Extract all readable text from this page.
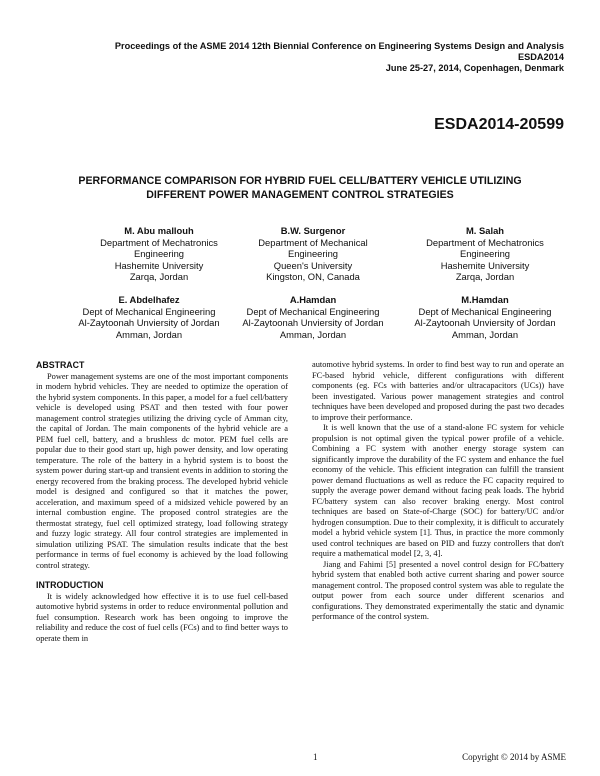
Proceedings of the ASME 2014 12th Biennial Conference on Engineering Systems Design and Analysis
ESDA2014
June 25-27, 2014, Copenhagen, Denmark
ESDA2014-20599
PERFORMANCE COMPARISON FOR HYBRID FUEL CELL/BATTERY VEHICLE UTILIZING
DIFFERENT POWER MANAGEMENT CONTROL STRATEGIES
M. Abu mallouh
Department of Mechatronics
Engineering
Hashemite University
Zarqa, Jordan
B.W. Surgenor
Department of Mechanical
Engineering
Queen's University
Kingston, ON, Canada
M. Salah
Department of Mechatronics
Engineering
Hashemite University
Zarqa, Jordan
E. Abdelhafez
Dept of Mechanical Engineering
Al-Zaytoonah Unviersity of Jordan
Amman, Jordan
A.Hamdan
Dept of Mechanical Engineering
Al-Zaytoonah Unviersity of Jordan
Amman, Jordan
M.Hamdan
Dept of Mechanical Engineering
Al-Zaytoonah Unviersity of Jordan
Amman, Jordan
ABSTRACT

Power management systems are one of the most important components in modern hybrid vehicles. They are needed to optimize the operation of the hybrid system components. In this paper, a model for a fuel cell/battery vehicle is developed using PSAT and then tested with four power management control strategies utilizing the driving cycle of Amman city, the capital of Jordan. The main components of the hybrid vehicle are a PEM fuel cell, battery, and a brushless dc motor. PEM fuel cells are popular due to their good start up, high power density, and low operating temperature. The role of the battery in a hybrid system is to boost the system power during start-up and transient events in addition to storing the energy recovered from the braking process. The developed hybrid vehicle model is designed and configured so that it matches the power, acceleration, and maximum speed of a midsized vehicle powered by an internal combustion engine. The proposed control strategies are the thermostat strategy, fuel cell optimized strategy, load following strategy and fuzzy logic strategy. All four control strategies are implemented in simulation utilizing PSAT. The simulation results indicate that the best performance in terms of fuel economy is achieved by the load following control strategy.

INTRODUCTION

It is widely acknowledged how effective it is to use fuel cell-based automotive hybrid systems in order to reduce environmental pollution and fuel consumption. Research work has been ongoing to improve the reliability and reduce the cost of fuel cells (FCs) and to find better ways to operate them in

automotive hybrid systems. In order to find best way to run and operate an FC-based hybrid vehicle, different configurations with different components (eg. FCs with batteries and/or ultracapacitors (UCs)) have been investigated. Various power management strategies and control techniques have been developed and proposed during the past two decades to improve their performance.

It is well known that the use of a stand-alone FC system for vehicle propulsion is not optimal given the typical power profile of a vehicle. Combining a FC system with another energy storage system can significantly improve the durability of the FC system and enhance the fuel economy of the vehicle. This efficient integration can fulfill the transient power demand fluctuations as well as reduce the FC capacity required to supply the average power demand without facing peak loads. The hybrid FC/battery system can also recover braking energy. Most control techniques are based on State-of-Charge (SOC) for battery/UC and/or hydrogen consumption. Due to their complexity, it is difficult to accurately model a hybrid vehicle system [1]. Thus, in practice the more commonly used control techniques are based on PID and fuzzy controllers that don't require a mathematical model [2, 3, 4].

Jiang and Fahimi [5] presented a novel control design for FC/battery hybrid system that enabled both active current sharing and power source management control. The proposed control system was able to regulate the output power from each source under different scenarios and configurations. They demonstrated experimentally the static and dynamic performance of the control system.

1	Copyright © 2014 by ASME
